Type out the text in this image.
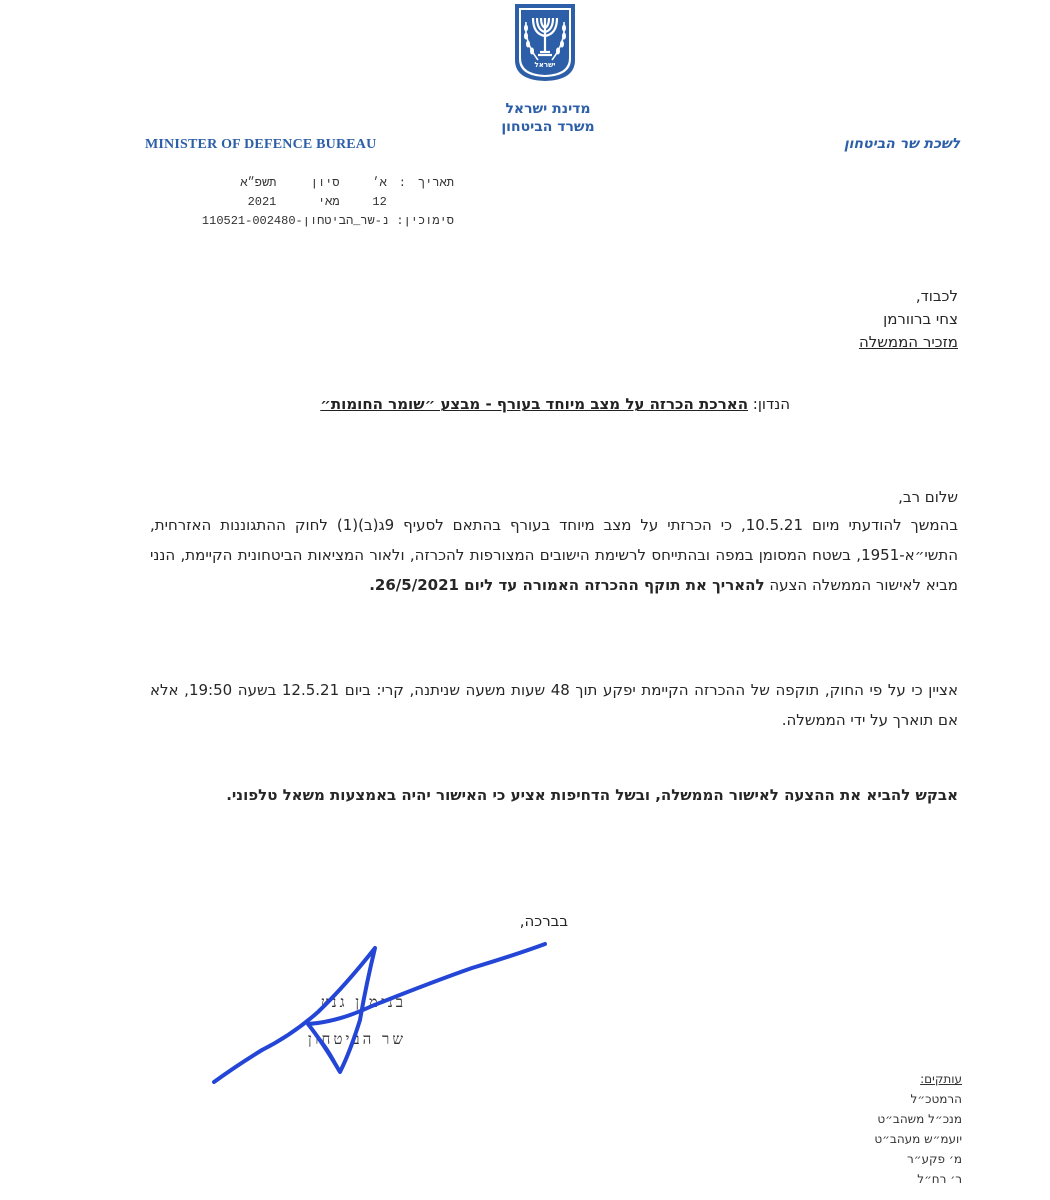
ישראל
מדינת ישראל
משרד הביטחון
MINISTER OF DEFENCE BUREAU	לשכת שר הביטחון
תאריך: א׳ סיון תשפ״א
12 מאי 2021
סימוכין: נ-שר_הביטחון-110521-002480
לכבוד,
צחי ברוורמן
מזכיר הממשלה
הנדון: הארכת הכרזה על מצב מיוחד בעורף - מבצע ״שומר החומות״
שלום רב,
בהמשך להודעתי מיום 10.5.21, כי הכרזתי על מצב מיוחד בעורף בהתאם לסעיף 9ג(ב)(1) לחוק ההתגוננות האזרחית, התשי״א-1951, בשטח המסומן במפה ובהתייחס לרשימת הישובים המצורפות להכרזה, ולאור המציאות הביטחונית הקיימת, הנני מביא לאישור הממשלה הצעה להאריך את תוקף ההכרזה האמורה עד ליום 26/5/2021.
אציין כי על פי החוק, תוקפה של ההכרזה הקיימת יפקע תוך 48 שעות משעה שניתנה, קרי: ביום 12.5.21 בשעה 19:50, אלא אם תוארך על ידי הממשלה.
אבקש להביא את ההצעה לאישור הממשלה, ובשל הדחיפות אציע כי האישור יהיה באמצעות משאל טלפוני.
בברכה,
בנימין גנץ
שר הביטחון
עותקים:
הרמטכ״ל
מנכ״ל משהב״ט
יועמ״ש מעהב״ט
מ׳ פקע״ר
ר׳ רח״ל
